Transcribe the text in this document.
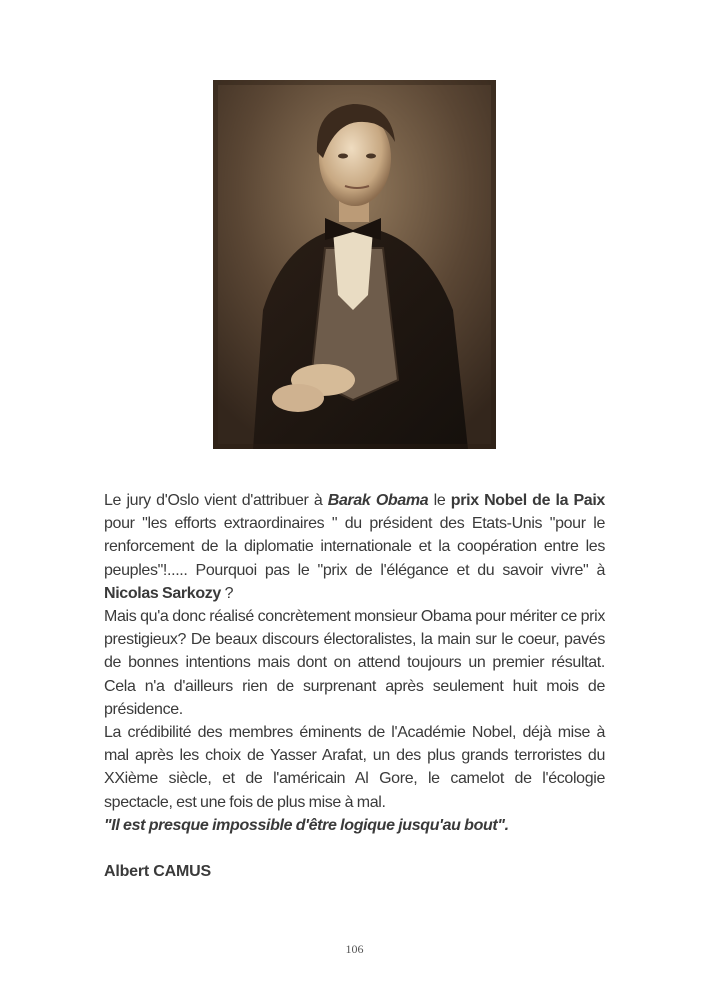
Le jury d'Oslo vient d'attribuer à Barak Obama le prix Nobel de la Paix pour "les efforts extraordinaires " du président des Etats-Unis "pour le renforcement de la diplomatie internationale et la coopération entre les peuples"!..... Pourquoi pas le "prix de l'élégance et du savoir vivre" à Nicolas Sarkozy ?

Mais qu'a donc réalisé concrètement monsieur Obama pour mériter ce prix prestigieux? De beaux discours électoralistes, la main sur le coeur, pavés de bonnes intentions mais dont on attend toujours un premier résultat. Cela n'a d'ailleurs rien de surprenant après seulement huit mois de présidence.

La crédibilité des membres éminents de l'Académie Nobel, déjà mise à mal après les choix de Yasser Arafat, un des plus grands terroristes du XXième siècle, et de l'américain Al Gore, le camelot de l'écologie spectacle, est une fois de plus mise à mal.

"Il est presque impossible d'être logique jusqu'au bout".

Albert CAMUS
106
